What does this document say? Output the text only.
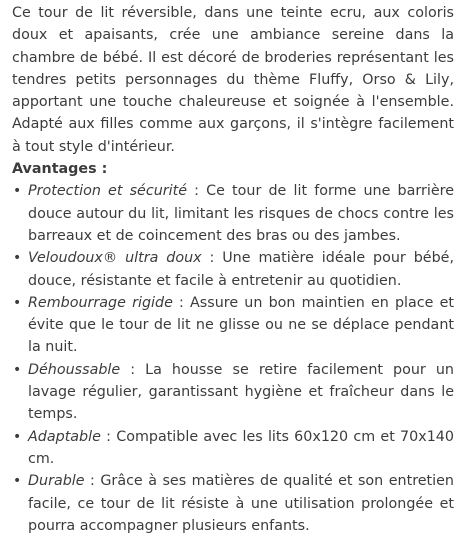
Ce tour de lit réversible, dans une teinte ecru, aux coloris doux et apaisants, crée une ambiance sereine dans la chambre de bébé. Il est décoré de broderies représentant les tendres petits personnages du thème Fluffy, Orso & Lily, apportant une touche chaleureuse et soignée à l'ensemble. Adapté aux filles comme aux garçons, il s'intègre facilement à tout style d'intérieur.

Avantages :

• Protection et sécurité : Ce tour de lit forme une barrière douce autour du lit, limitant les risques de chocs contre les barreaux et de coincement des bras ou des jambes.
• Veloudoux® ultra doux : Une matière idéale pour bébé, douce, résistante et facile à entretenir au quotidien.
• Rembourrage rigide : Assure un bon maintien en place et évite que le tour de lit ne glisse ou ne se déplace pendant la nuit.
• Déhoussable : La housse se retire facilement pour un lavage régulier, garantissant hygiène et fraîcheur dans le temps.
• Adaptable : Compatible avec les lits 60x120 cm et 70x140 cm.
• Durable : Grâce à ses matières de qualité et son entretien facile, ce tour de lit résiste à une utilisation prolongée et pourra accompagner plusieurs enfants.
